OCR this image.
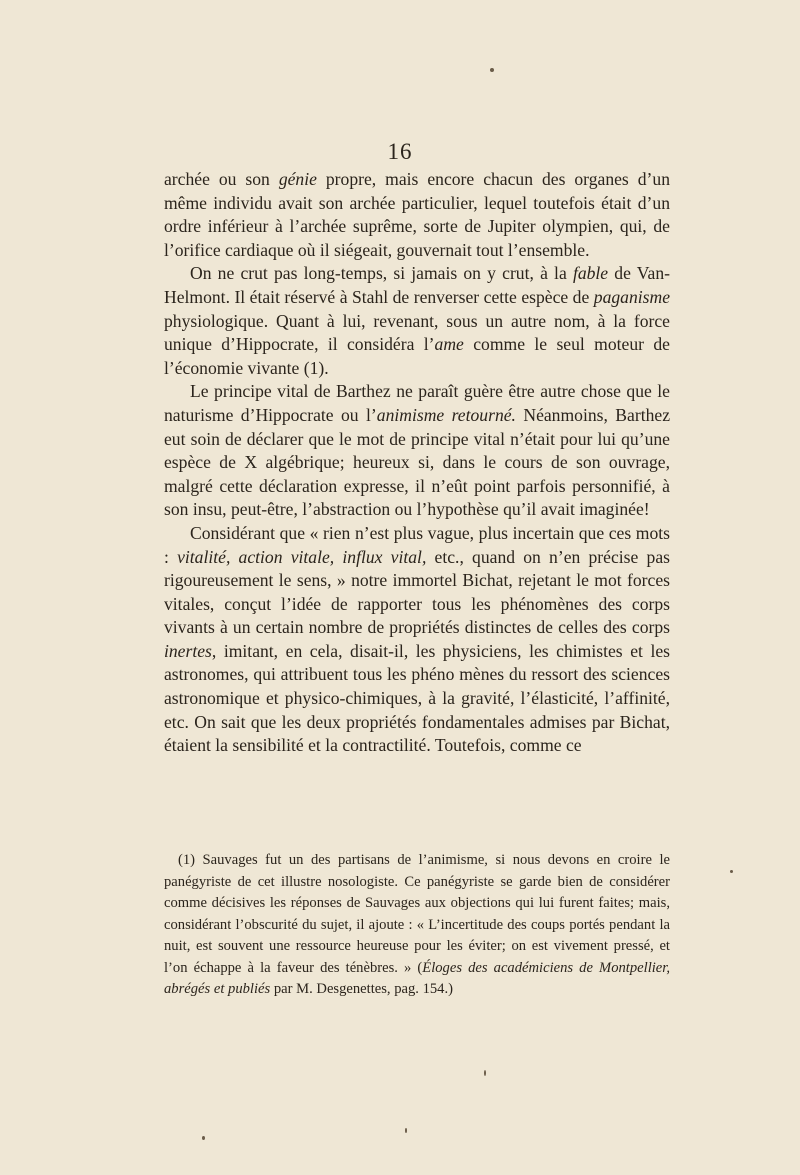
16

archée ou son génie propre, mais encore chacun des organes d’un même individu avait son archée particulier, lequel toutefois était d’un ordre inférieur à l’archée suprême, sorte de Jupiter olympien, qui, de l’orifice cardiaque où il siégeait, gouvernait tout l’ensemble.

On ne crut pas long-temps, si jamais on y crut, à la fable de Van-Helmont. Il était réservé à Stahl de renverser cette espèce de paganisme physiologique. Quant à lui, revenant, sous un autre nom, à la force unique d’Hippocrate, il considéra l’ame comme le seul moteur de l’économie vivante (1).

Le principe vital de Barthez ne paraît guère être autre chose que le naturisme d’Hippocrate ou l’animisme retourné. Néanmoins, Barthez eut soin de déclarer que le mot de principe vital n’était pour lui qu’une espèce de X algébrique; heureux si, dans le cours de son ouvrage, malgré cette déclaration expresse, il n’eût point parfois personnifié, à son insu, peut-être, l’abstraction ou l’hypothèse qu’il avait imaginée!

Considérant que « rien n’est plus vague, plus incertain que ces mots : vitalité, action vitale, influx vital, etc., quand on n’en précise pas rigoureusement le sens, » notre immortel Bichat, rejetant le mot forces vitales, conçut l’idée de rapporter tous les phénomènes des corps vivants à un certain nombre de propriétés distinctes de celles des corps inertes, imitant, en cela, disait-il, les physiciens, les chimistes et les astronomes, qui attribuent tous les phéno mènes du ressort des sciences astronomique et physico-chimiques, à la gravité, l’élasticité, l’affinité, etc. On sait que les deux propriétés fondamentales admises par Bichat, étaient la sensibilité et la contractilité. Toutefois, comme ce

(1) Sauvages fut un des partisans de l’animisme, si nous devons en croire le panégyriste de cet illustre nosologiste. Ce panégyriste se garde bien de considérer comme décisives les réponses de Sauvages aux objections qui lui furent faites; mais, considérant l’obscurité du sujet, il ajoute : « L’incertitude des coups portés pendant la nuit, est souvent une ressource heureuse pour les éviter; on est vivement pressé, et l’on échappe à la faveur des ténèbres. » (Éloges des académiciens de Montpellier, abrégés et publiés par M. Desgenettes, pag. 154.)
